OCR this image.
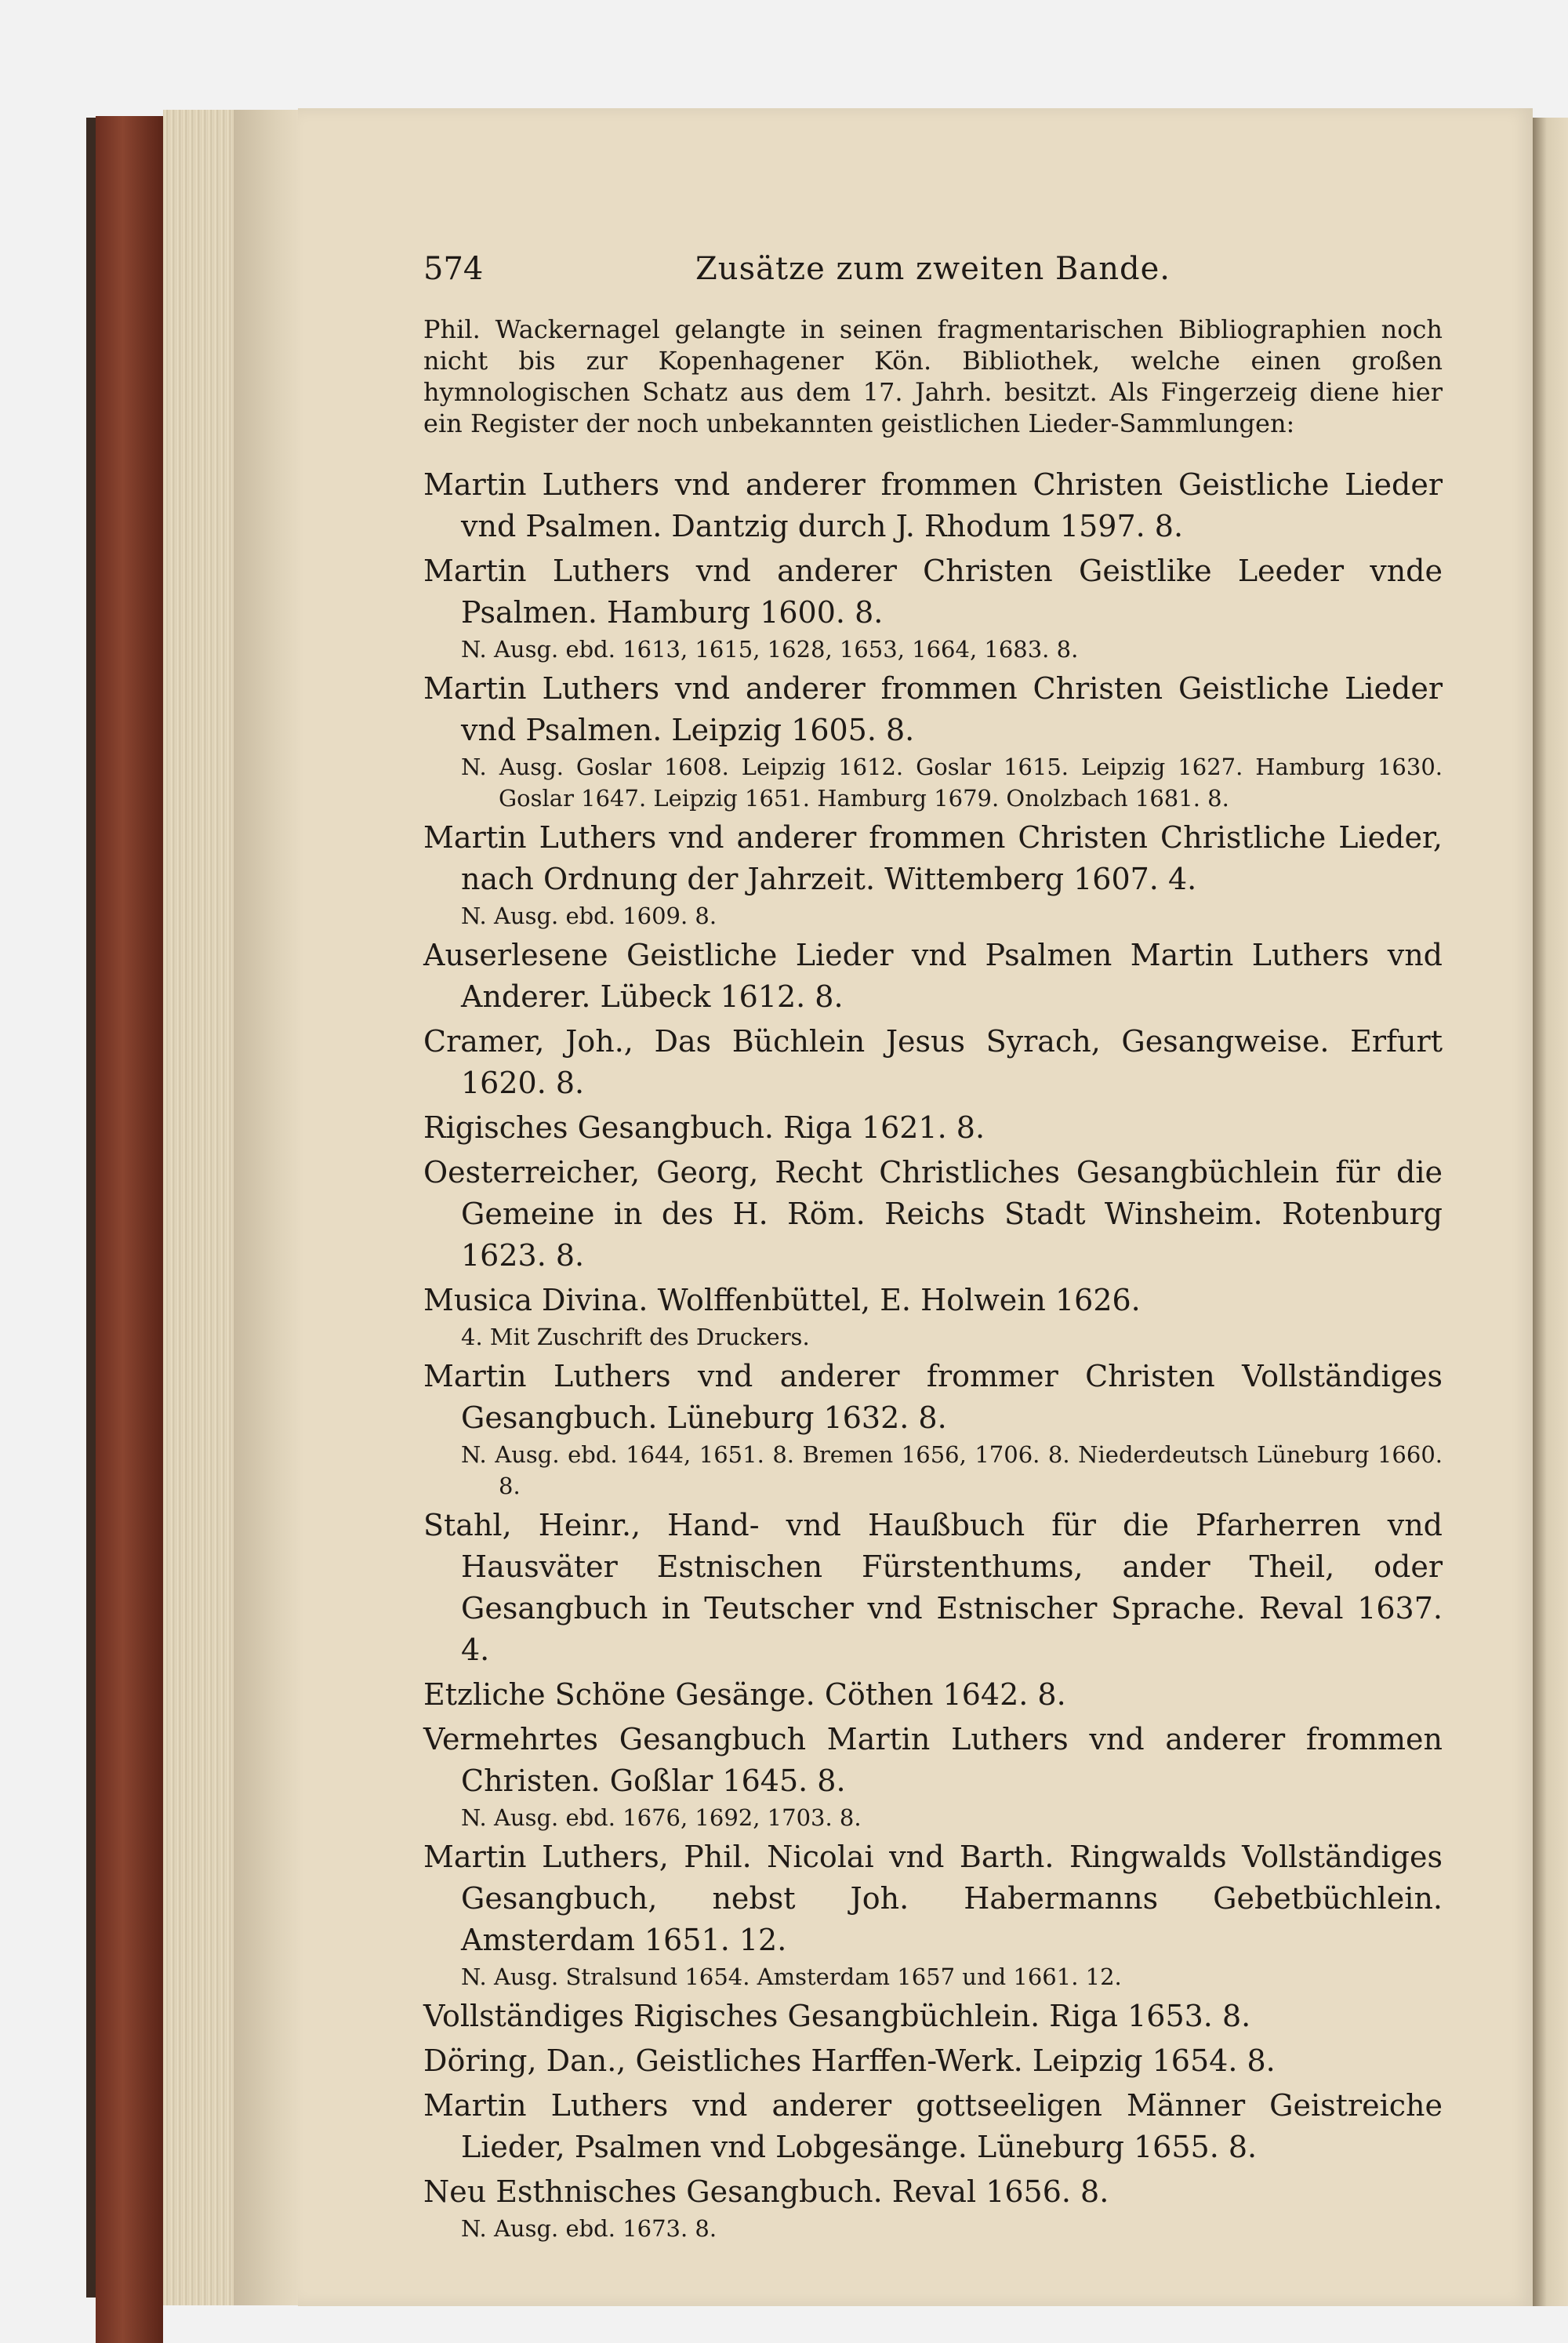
Zusätze zum zweiten Bande.
574

Phil. Wackernagel gelangte in seinen fragmentarischen Bibliographien noch nicht bis zur Kopenhagener Kön. Bibliothek, welche einen großen hymnologischen Schatz aus dem 17. Jahrh. besitzt. Als Fingerzeig diene hier ein Register der noch unbekannten geistlichen Lieder-Sammlungen:

Martin Luthers vnd anderer frommen Christen Geistliche Lieder vnd Psalmen. Dantzig durch J. Rhodum 1597. 8.

Martin Luthers vnd anderer Christen Geistlike Leeder vnde Psalmen. Hamburg 1600. 8.

N. Ausg. ebd. 1613, 1615, 1628, 1653, 1664, 1683. 8.

Martin Luthers vnd anderer frommen Christen Geistliche Lieder vnd Psalmen. Leipzig 1605. 8.

N. Ausg. Goslar 1608. Leipzig 1612. Goslar 1615. Leipzig 1627. Hamburg 1630. Goslar 1647. Leipzig 1651. Hamburg 1679. Onolzbach 1681. 8.

Martin Luthers vnd anderer frommen Christen Christliche Lieder, nach Ordnung der Jahrzeit. Wittemberg 1607. 4.

N. Ausg. ebd. 1609. 8.

Auserlesene Geistliche Lieder vnd Psalmen Martin Luthers vnd Anderer. Lübeck 1612. 8.

Cramer, Joh., Das Büchlein Jesus Syrach, Gesangweise. Erfurt 1620. 8.

Rigisches Gesangbuch. Riga 1621. 8.

Oesterreicher, Georg, Recht Christliches Gesangbüchlein für die Gemeine in des H. Röm. Reichs Stadt Winsheim. Rotenburg 1623. 8.

Musica Divina. Wolffenbüttel, E. Holwein 1626.

4. Mit Zuschrift des Druckers.

Martin Luthers vnd anderer frommer Christen Vollständiges Gesangbuch. Lüneburg 1632. 8.

N. Ausg. ebd. 1644, 1651. 8. Bremen 1656, 1706. 8. Niederdeutsch Lüneburg 1660. 8.

Stahl, Heinr., Hand- vnd Haußbuch für die Pfarherren vnd Hausväter Estnischen Fürstenthums, ander Theil, oder Gesangbuch in Teutscher vnd Estnischer Sprache. Reval 1637. 4.

Etzliche Schöne Gesänge. Cöthen 1642. 8.

Vermehrtes Gesangbuch Martin Luthers vnd anderer frommen Christen. Goßlar 1645. 8.

N. Ausg. ebd. 1676, 1692, 1703. 8.

Martin Luthers, Phil. Nicolai vnd Barth. Ringwalds Vollständiges Gesangbuch, nebst Joh. Habermanns Gebetbüchlein. Amsterdam 1651. 12.

N. Ausg. Stralsund 1654. Amsterdam 1657 und 1661. 12.

Vollständiges Rigisches Gesangbüchlein. Riga 1653. 8.

Döring, Dan., Geistliches Harffen-Werk. Leipzig 1654. 8.

Martin Luthers vnd anderer gottseeligen Männer Geistreiche Lieder, Psalmen vnd Lobgesänge. Lüneburg 1655. 8.

Neu Esthnisches Gesangbuch. Reval 1656. 8.

N. Ausg. ebd. 1673. 8.
